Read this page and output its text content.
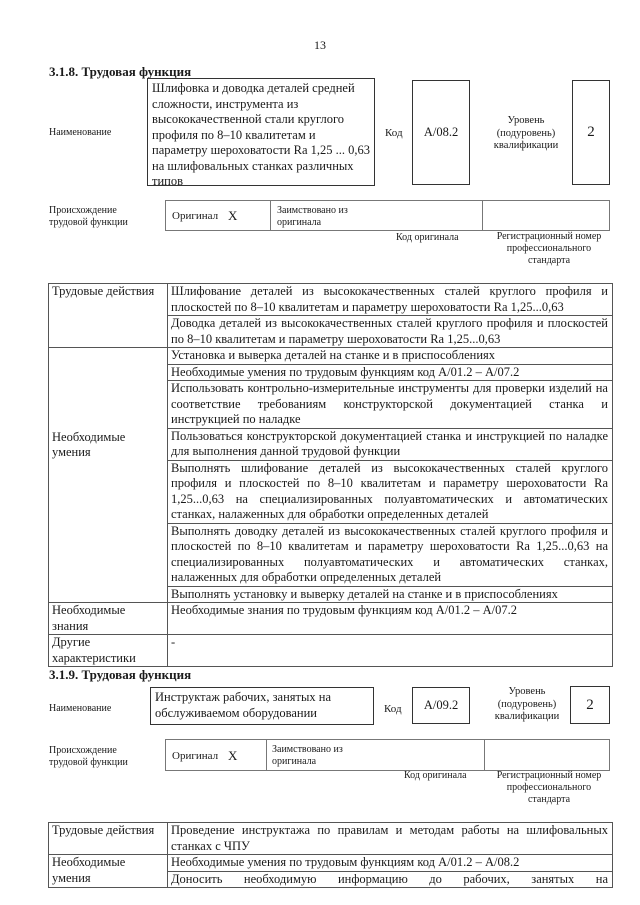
13
3.1.8. Трудовая функция
Наименование
Шлифовка и доводка деталей средней сложности, инструмента из высококачественной стали круглого профиля по 8–10 квалитетам и параметру шероховатости Ra 1,25 ... 0,63 на шлифовальных станках различных типов
Код	А/08.2
Уровень (подуровень) квалификации
2
Происхождение трудовой функции
Оригинал Х	Заимствовано из оригинала
Код оригинала	Регистрационный номер профессионального стандарта
Трудовые действия	Шлифование деталей из высококачественных сталей круглого профиля и плоскостей по 8–10 квалитетам и параметру шероховатости Ra 1,25...0,63
	Доводка деталей из высококачественных сталей круглого профиля и плоскостей по 8–10 квалитетам и параметру шероховатости Ra 1,25...0,63
Необходимые умения	Установка и выверка деталей на станке и в приспособлениях
	Необходимые умения по трудовым функциям код А/01.2 – А/07.2
	Использовать контрольно-измерительные инструменты для проверки изделий на соответствие требованиям конструкторской документацией станка и инструкцией по наладке
	Пользоваться конструкторской документацией станка и инструкцией по наладке для выполнения данной трудовой функции
	Выполнять шлифование деталей из высококачественных сталей круглого профиля и плоскостей по 8–10 квалитетам и параметру шероховатости Ra 1,25...0,63 на специализированных полуавтоматических и автоматических станках, налаженных для обработки определенных деталей
	Выполнять доводку деталей из высококачественных сталей круглого профиля и плоскостей по 8–10 квалитетам и параметру шероховатости Ra 1,25...0,63 на специализированных полуавтоматических и автоматических станках, налаженных для обработки определенных деталей
	Выполнять установку и выверку деталей на станке и в приспособлениях
Необходимые знания	Необходимые знания по трудовым функциям код А/01.2 – А/07.2
Другие характеристики	-
3.1.9. Трудовая функция
Наименование
Инструктаж рабочих, занятых на обслуживаемом оборудовании	Код	А/09.2
Уровень (подуровень) квалификации
2
Происхождение трудовой функции
Оригинал Х	Заимствовано из оригинала
Код оригинала	Регистрационный номер профессионального стандарта
Трудовые действия	Проведение инструктажа по правилам и методам работы на шлифовальных станках с ЧПУ
Необходимые умения	Необходимые умения по трудовым функциям код А/01.2 – А/08.2
	Доносить необходимую информацию до рабочих, занятых на
